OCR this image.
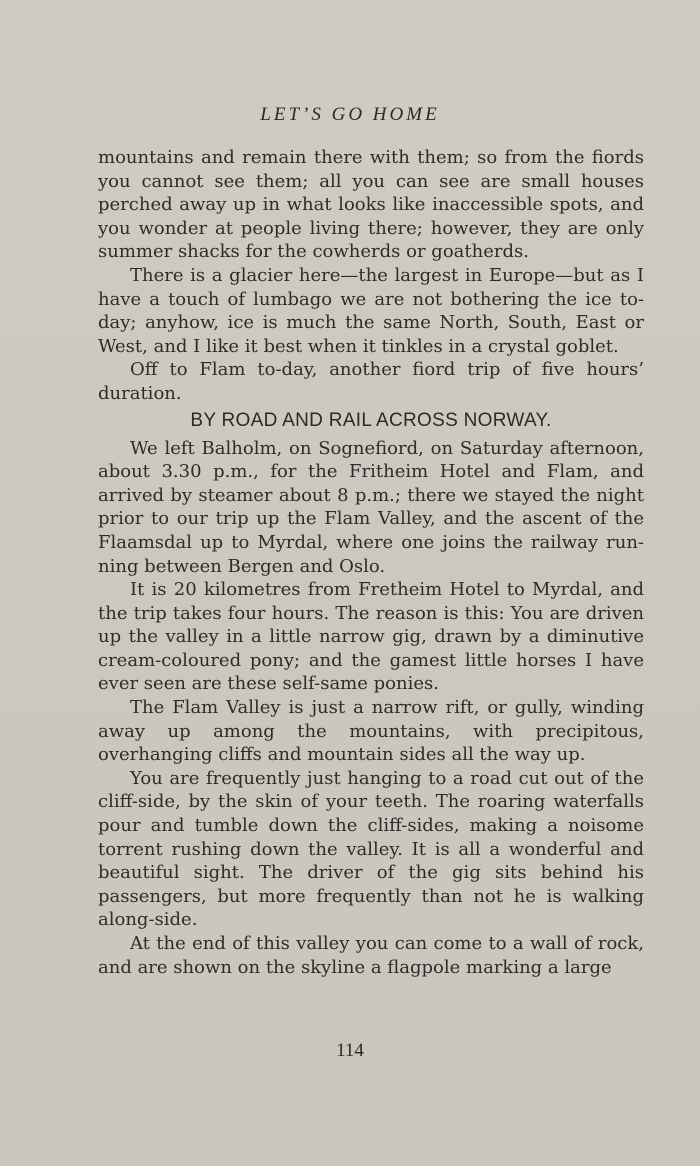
LET’S GO HOME

mountains and remain there with them; so from the fiords you cannot see them; all you can see are small houses perched away up in what looks like inaccessible spots, and you wonder at people living there; however, they are only summer shacks for the cowherds or goatherds.

There is a glacier here—the largest in Europe—but as I have a touch of lumbago we are not bothering the ice to-day; anyhow, ice is much the same North, South, East or West, and I like it best when it tinkles in a crystal goblet.

Off to Flam to-day, another fiord trip of five hours’ duration.

BY ROAD AND RAIL ACROSS NORWAY.

We left Balholm, on Sognefiord, on Saturday afternoon, about 3.30 p.m., for the Fritheim Hotel and Flam, and arrived by steamer about 8 p.m.; there we stayed the night prior to our trip up the Flam Valley, and the ascent of the Flaamsdal up to Myrdal, where one joins the railway run-ning between Bergen and Oslo.

It is 20 kilometres from Fretheim Hotel to Myrdal, and the trip takes four hours. The reason is this: You are driven up the valley in a little narrow gig, drawn by a diminutive cream-coloured pony; and the gamest little horses I have ever seen are these self-same ponies.

The Flam Valley is just a narrow rift, or gully, winding away up among the mountains, with precipitous, overhanging cliffs and mountain sides all the way up.

You are frequently just hanging to a road cut out of the cliff-side, by the skin of your teeth. The roaring waterfalls pour and tumble down the cliff-sides, making a noisome torrent rushing down the valley. It is all a wonderful and beautiful sight. The driver of the gig sits behind his passengers, but more frequently than not he is walking along-side.

At the end of this valley you can come to a wall of rock, and are shown on the skyline a flagpole marking a large

114
